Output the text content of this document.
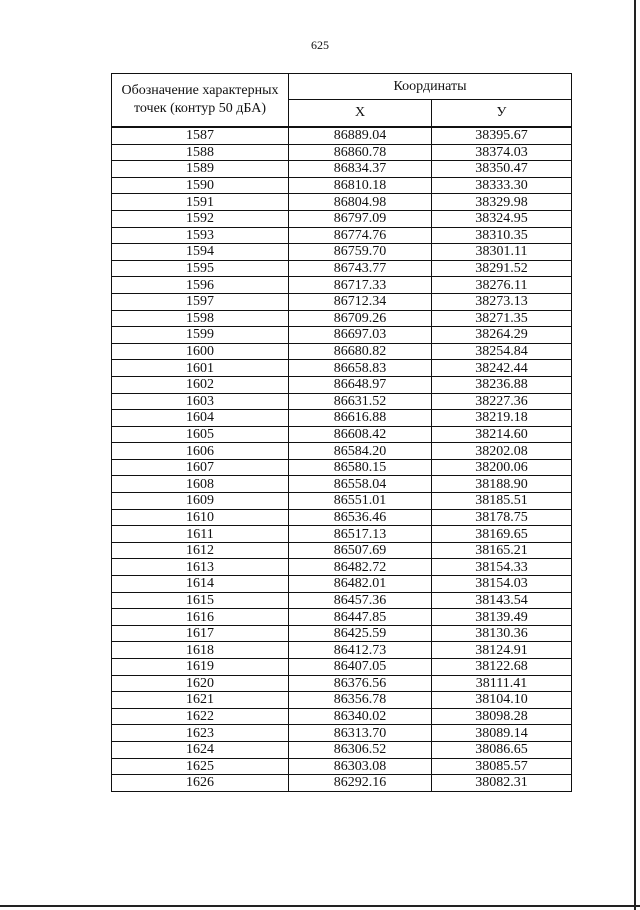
625
Обозначение характерных точек (контур 50 дБА)	Координаты	
	X	У
1587	86889.04	38395.67
1588	86860.78	38374.03
1589	86834.37	38350.47
1590	86810.18	38333.30
1591	86804.98	38329.98
1592	86797.09	38324.95
1593	86774.76	38310.35
1594	86759.70	38301.11
1595	86743.77	38291.52
1596	86717.33	38276.11
1597	86712.34	38273.13
1598	86709.26	38271.35
1599	86697.03	38264.29
1600	86680.82	38254.84
1601	86658.83	38242.44
1602	86648.97	38236.88
1603	86631.52	38227.36
1604	86616.88	38219.18
1605	86608.42	38214.60
1606	86584.20	38202.08
1607	86580.15	38200.06
1608	86558.04	38188.90
1609	86551.01	38185.51
1610	86536.46	38178.75
1611	86517.13	38169.65
1612	86507.69	38165.21
1613	86482.72	38154.33
1614	86482.01	38154.03
1615	86457.36	38143.54
1616	86447.85	38139.49
1617	86425.59	38130.36
1618	86412.73	38124.91
1619	86407.05	38122.68
1620	86376.56	38111.41
1621	86356.78	38104.10
1622	86340.02	38098.28
1623	86313.70	38089.14
1624	86306.52	38086.65
1625	86303.08	38085.57
1626	86292.16	38082.31
